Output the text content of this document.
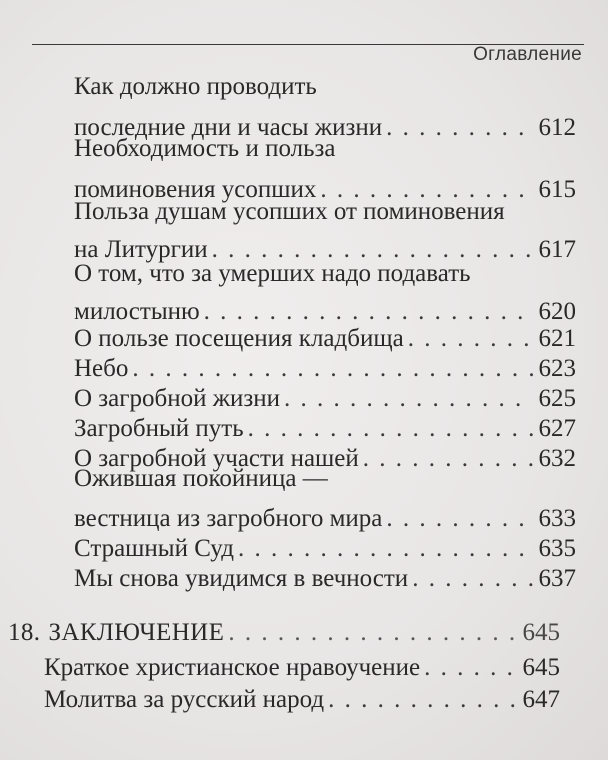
Оглавление
Как должно проводить
последние дни и часы жизни . . .	612
Необходимость и польза
поминовения усопших . . .	615
Польза душам усопших от поминовения
на Литургии . . .	617
О том, что за умерших надо подавать
милостыню . . .	620
О пользе посещения кладбища . . .	621
Небо . . .	623
О загробной жизни . . .	625
Загробный путь . . .	627
О загробной участи нашей . . .	632
Ожившая покойница —
вестница из загробного мира . . .	633
Страшный Суд . . .	635
Мы снова увидимся в вечности . . .	637
18. ЗАКЛЮЧЕНИЕ . . .	645
Краткое христианское нравоучение . . .	645
Молитва за русский народ . . .	647
